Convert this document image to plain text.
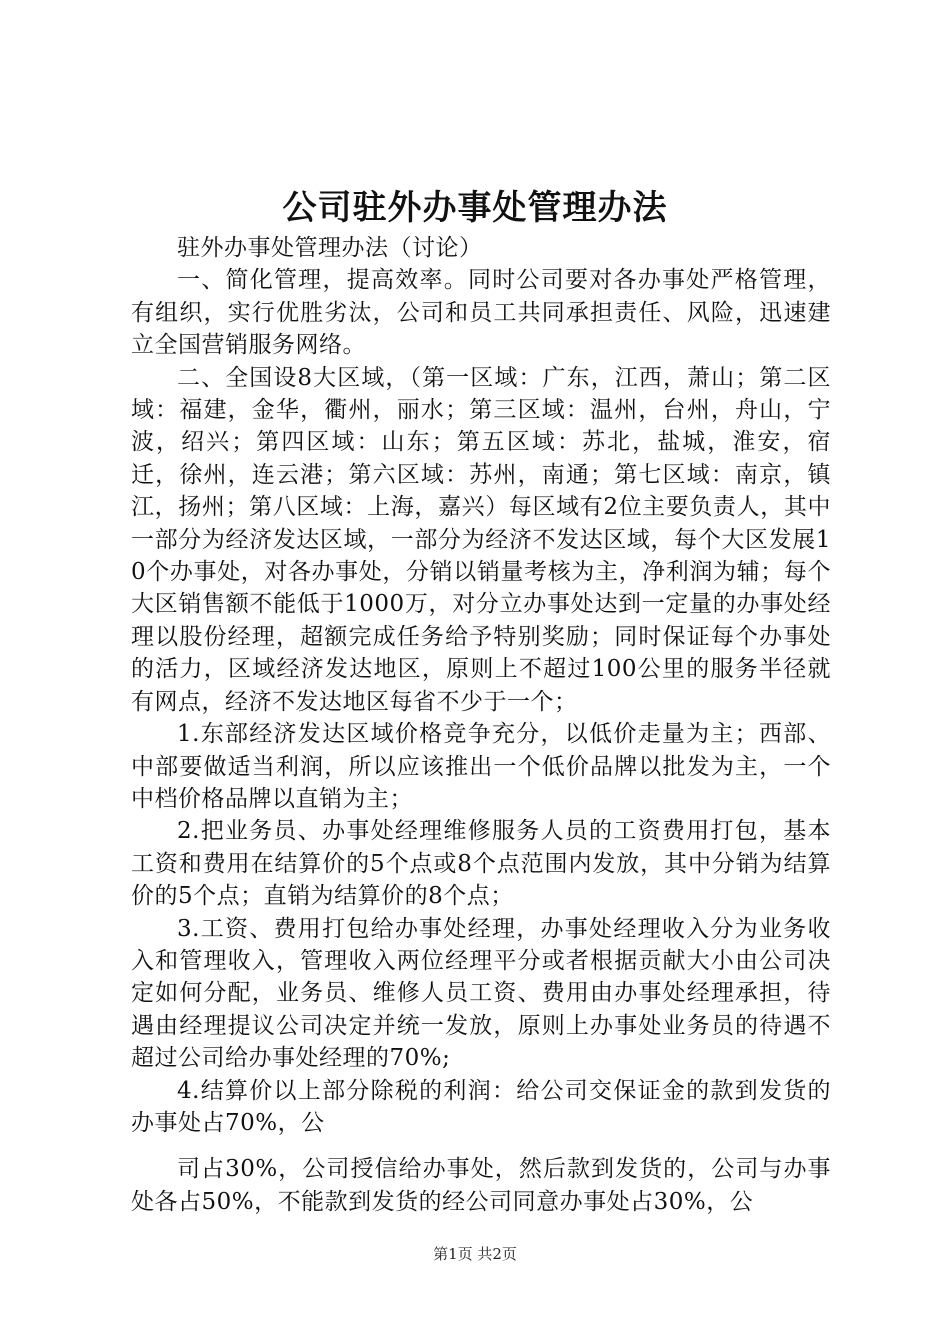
公司驻外办事处管理办法

驻外办事处管理办法（讨论）

一、简化管理，提高效率。同时公司要对各办事处严格管理，有组织，实行优胜劣汰，公司和员工共同承担责任、风险，迅速建立全国营销服务网络。

二、全国设8大区域，（第一区域：广东，江西，萧山；第二区域：福建，金华，衢州，丽水；第三区域：温州，台州，舟山，宁波，绍兴；第四区域：山东；第五区域：苏北，盐城，淮安，宿迁，徐州，连云港；第六区域：苏州，南通；第七区域：南京，镇江，扬州；第八区域：上海，嘉兴）每区域有2位主要负责人，其中一部分为经济发达区域，一部分为经济不发达区域，每个大区发展10个办事处，对各办事处，分销以销量考核为主，净利润为辅；每个大区销售额不能低于1000万，对分立办事处达到一定量的办事处经理以股份经理，超额完成任务给予特别奖励；同时保证每个办事处的活力，区域经济发达地区，原则上不超过100公里的服务半径就有网点，经济不发达地区每省不少于一个；

1.东部经济发达区域价格竞争充分，以低价走量为主；西部、中部要做适当利润，所以应该推出一个低价品牌以批发为主，一个中档价格品牌以直销为主；

2.把业务员、办事处经理维修服务人员的工资费用打包，基本工资和费用在结算价的5个点或8个点范围内发放，其中分销为结算价的5个点；直销为结算价的8个点；

3.工资、费用打包给办事处经理，办事处经理收入分为业务收入和管理收入，管理收入两位经理平分或者根据贡献大小由公司决定如何分配，业务员、维修人员工资、费用由办事处经理承担，待遇由经理提议公司决定并统一发放，原则上办事处业务员的待遇不超过公司给办事处经理的70%;

4.结算价以上部分除税的利润：给公司交保证金的款到发货的办事处占70%，公

司占30%，公司授信给办事处，然后款到发货的，公司与办事处各占50%，不能款到发货的经公司同意办事处占30%，公

第1页 共2页
